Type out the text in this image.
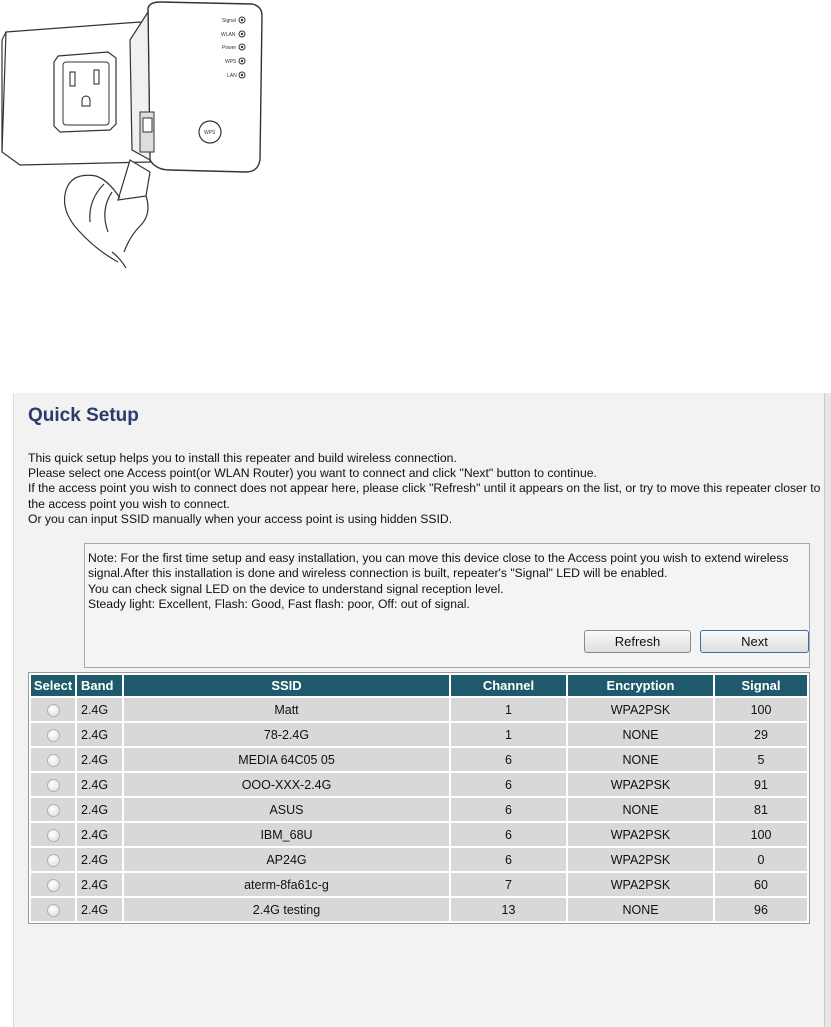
WPS
Signal
WLAN
Power
WPS
LAN
Quick Setup

This quick setup helps you to install this repeater and build wireless connection.

Please select one Access point(or WLAN Router) you want to connect and click "Next" button to continue.

If the access point you wish to connect does not appear here, please click "Refresh" until it appears on the list, or try to move this repeater closer to the access point you wish to connect.

Or you can input SSID manually when your access point is using hidden SSID.

Note: For the first time setup and easy installation, you can move this device close to the Access point you wish to extend wireless signal.After this installation is done and wireless connection is built, repeater's "Signal" LED will be enabled.

You can check signal LED on the device to understand signal reception level.

Steady light: Excellent, Flash: Good, Fast flash: poor, Off: out of signal.

Select	Band	SSID	Channel	Encryption	Signal
	2.4G	Matt	1	WPA2PSK	100
	2.4G	78-2.4G	1	NONE	29
	2.4G	MEDIA 64C05 05	6	NONE	5
	2.4G	OOO-XXX-2.4G	6	WPA2PSK	91
	2.4G	ASUS	6	NONE	81
	2.4G	IBM_68U	6	WPA2PSK	100
	2.4G	AP24G	6	WPA2PSK	0
	2.4G	aterm-8fa61c-g	7	WPA2PSK	60
	2.4G	2.4G testing	13	NONE	96
Refresh	Next
